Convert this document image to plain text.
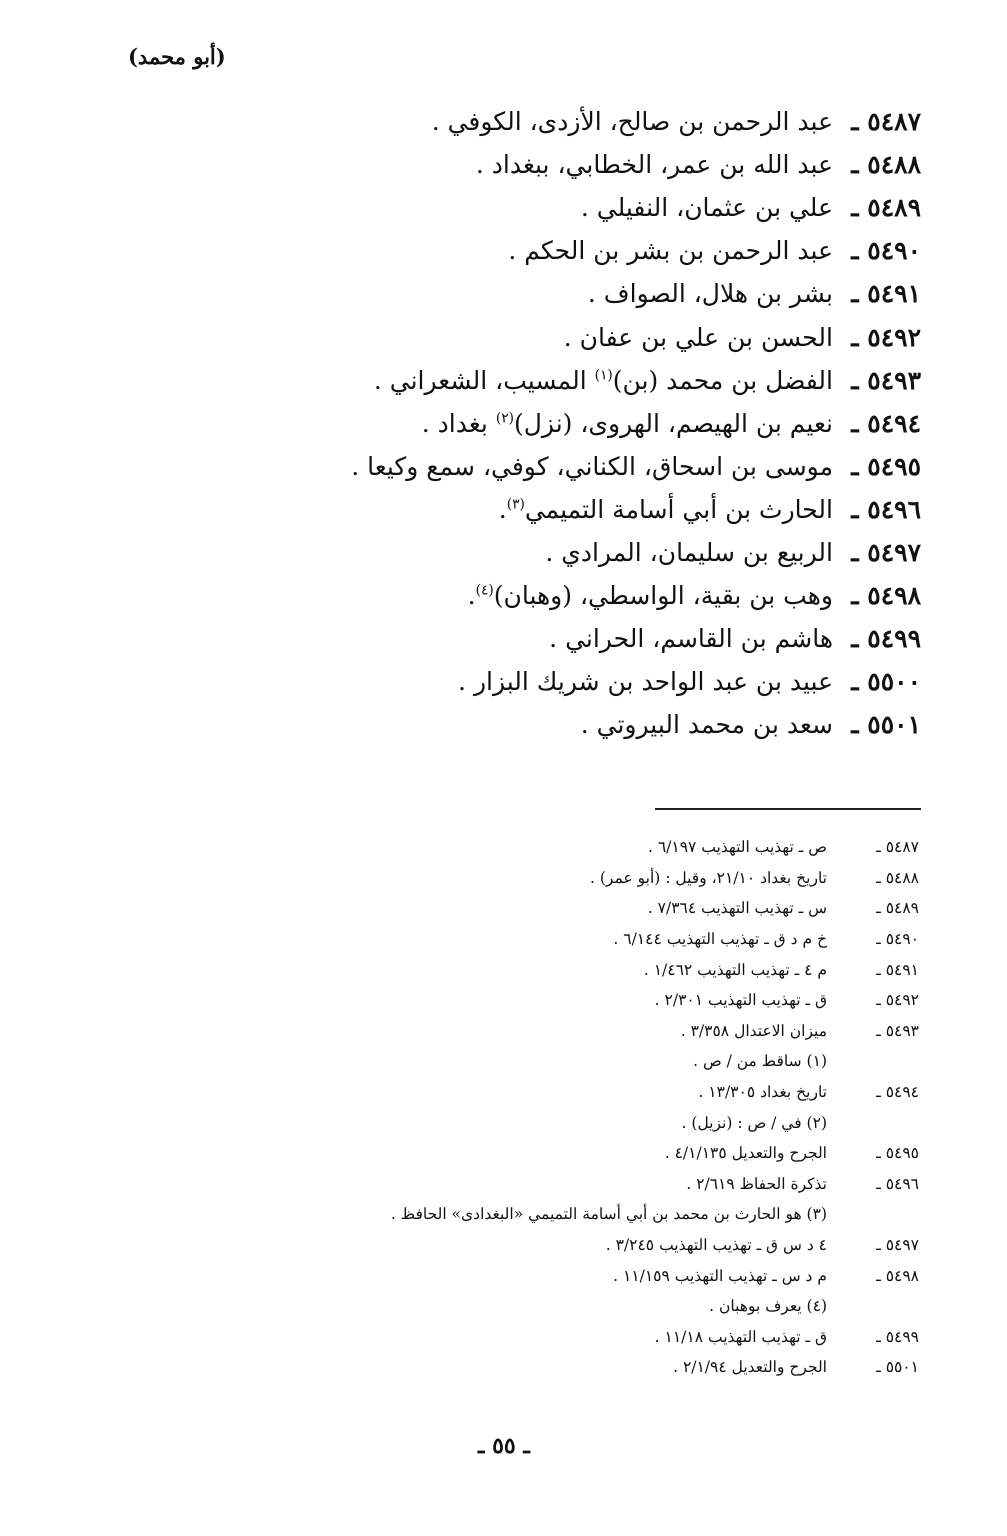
(أبو محمد)
٥٤٨٧ ـ
عبد الرحمن بن صالح، الأزدى، الكوفي .
٥٤٨٨ ـ
عبد الله بن عمر، الخطابي، ببغداد .
٥٤٨٩ ـ
علي بن عثمان، النفيلي .
٥٤٩٠ ـ
عبد الرحمن بن بشر بن الحكم .
٥٤٩١ ـ
بشر بن هلال، الصواف .
٥٤٩٢ ـ
الحسن بن علي بن عفان .
٥٤٩٣ ـ
الفضل بن محمد (بن)$^{(١)}$ المسيب، الشعراني .
٥٤٩٤ ـ
نعيم بن الهيصم، الهروى، (نزل)$^{(٢)}$ بغداد .
٥٤٩٥ ـ
موسى بن اسحاق، الكناني، كوفي، سمع وكيعا .
٥٤٩٦ ـ
الحارث بن أبي أسامة التميمي$^{(٣)}$.
٥٤٩٧ ـ
الربيع بن سليمان، المرادي .
٥٤٩٨ ـ
وهب بن بقية، الواسطي، (وهبان)$^{(٤)}$.
٥٤٩٩ ـ
هاشم بن القاسم، الحراني .
٥٥٠٠ ـ
عبيد بن عبد الواحد بن شريك البزار .
٥٥٠١ ـ
سعد بن محمد البيروتي .
٥٤٨٧ ـ
ص ـ تهذيب التهذيب ٦/١٩٧ .
٥٤٨٨ ـ
تاريخ بغداد ٢١/١٠، وقيل : (أبو عمر) .
٥٤٨٩ ـ
س ـ تهذيب التهذيب ٧/٣٦٤ .
٥٤٩٠ ـ
خ م د ق ـ تهذيب التهذيب ٦/١٤٤ .
٥٤٩١ ـ
م ٤ ـ تهذيب التهذيب ١/٤٦٢ .
٥٤٩٢ ـ
ق ـ تهذيب التهذيب ٢/٣٠١ .
٥٤٩٣ ـ
ميزان الاعتدال ٣/٣٥٨ .
(١) ساقط من / ص .
٥٤٩٤ ـ
تاريخ بغداد ١٣/٣٠٥ .
(٢) في / ص : (نزيل) .
٥٤٩٥ ـ
الجرح والتعديل ٤/١/١٣٥ .
٥٤٩٦ ـ
تذكرة الحفاظ ٢/٦١٩ .
(٣) هو الحارث بن محمد بن أبي أسامة التميمي «البغدادى» الحافظ .
٥٤٩٧ ـ
٤ د س ق ـ تهذيب التهذيب ٣/٢٤٥ .
٥٤٩٨ ـ
م د س ـ تهذيب التهذيب ١١/١٥٩ .
(٤) يعرف بوهبان .
٥٤٩٩ ـ
ق ـ تهذيب التهذيب ١١/١٨ .
٥٥٠١ ـ
الجرح والتعديل ٢/١/٩٤ .
ـ ٥٥ ـ
